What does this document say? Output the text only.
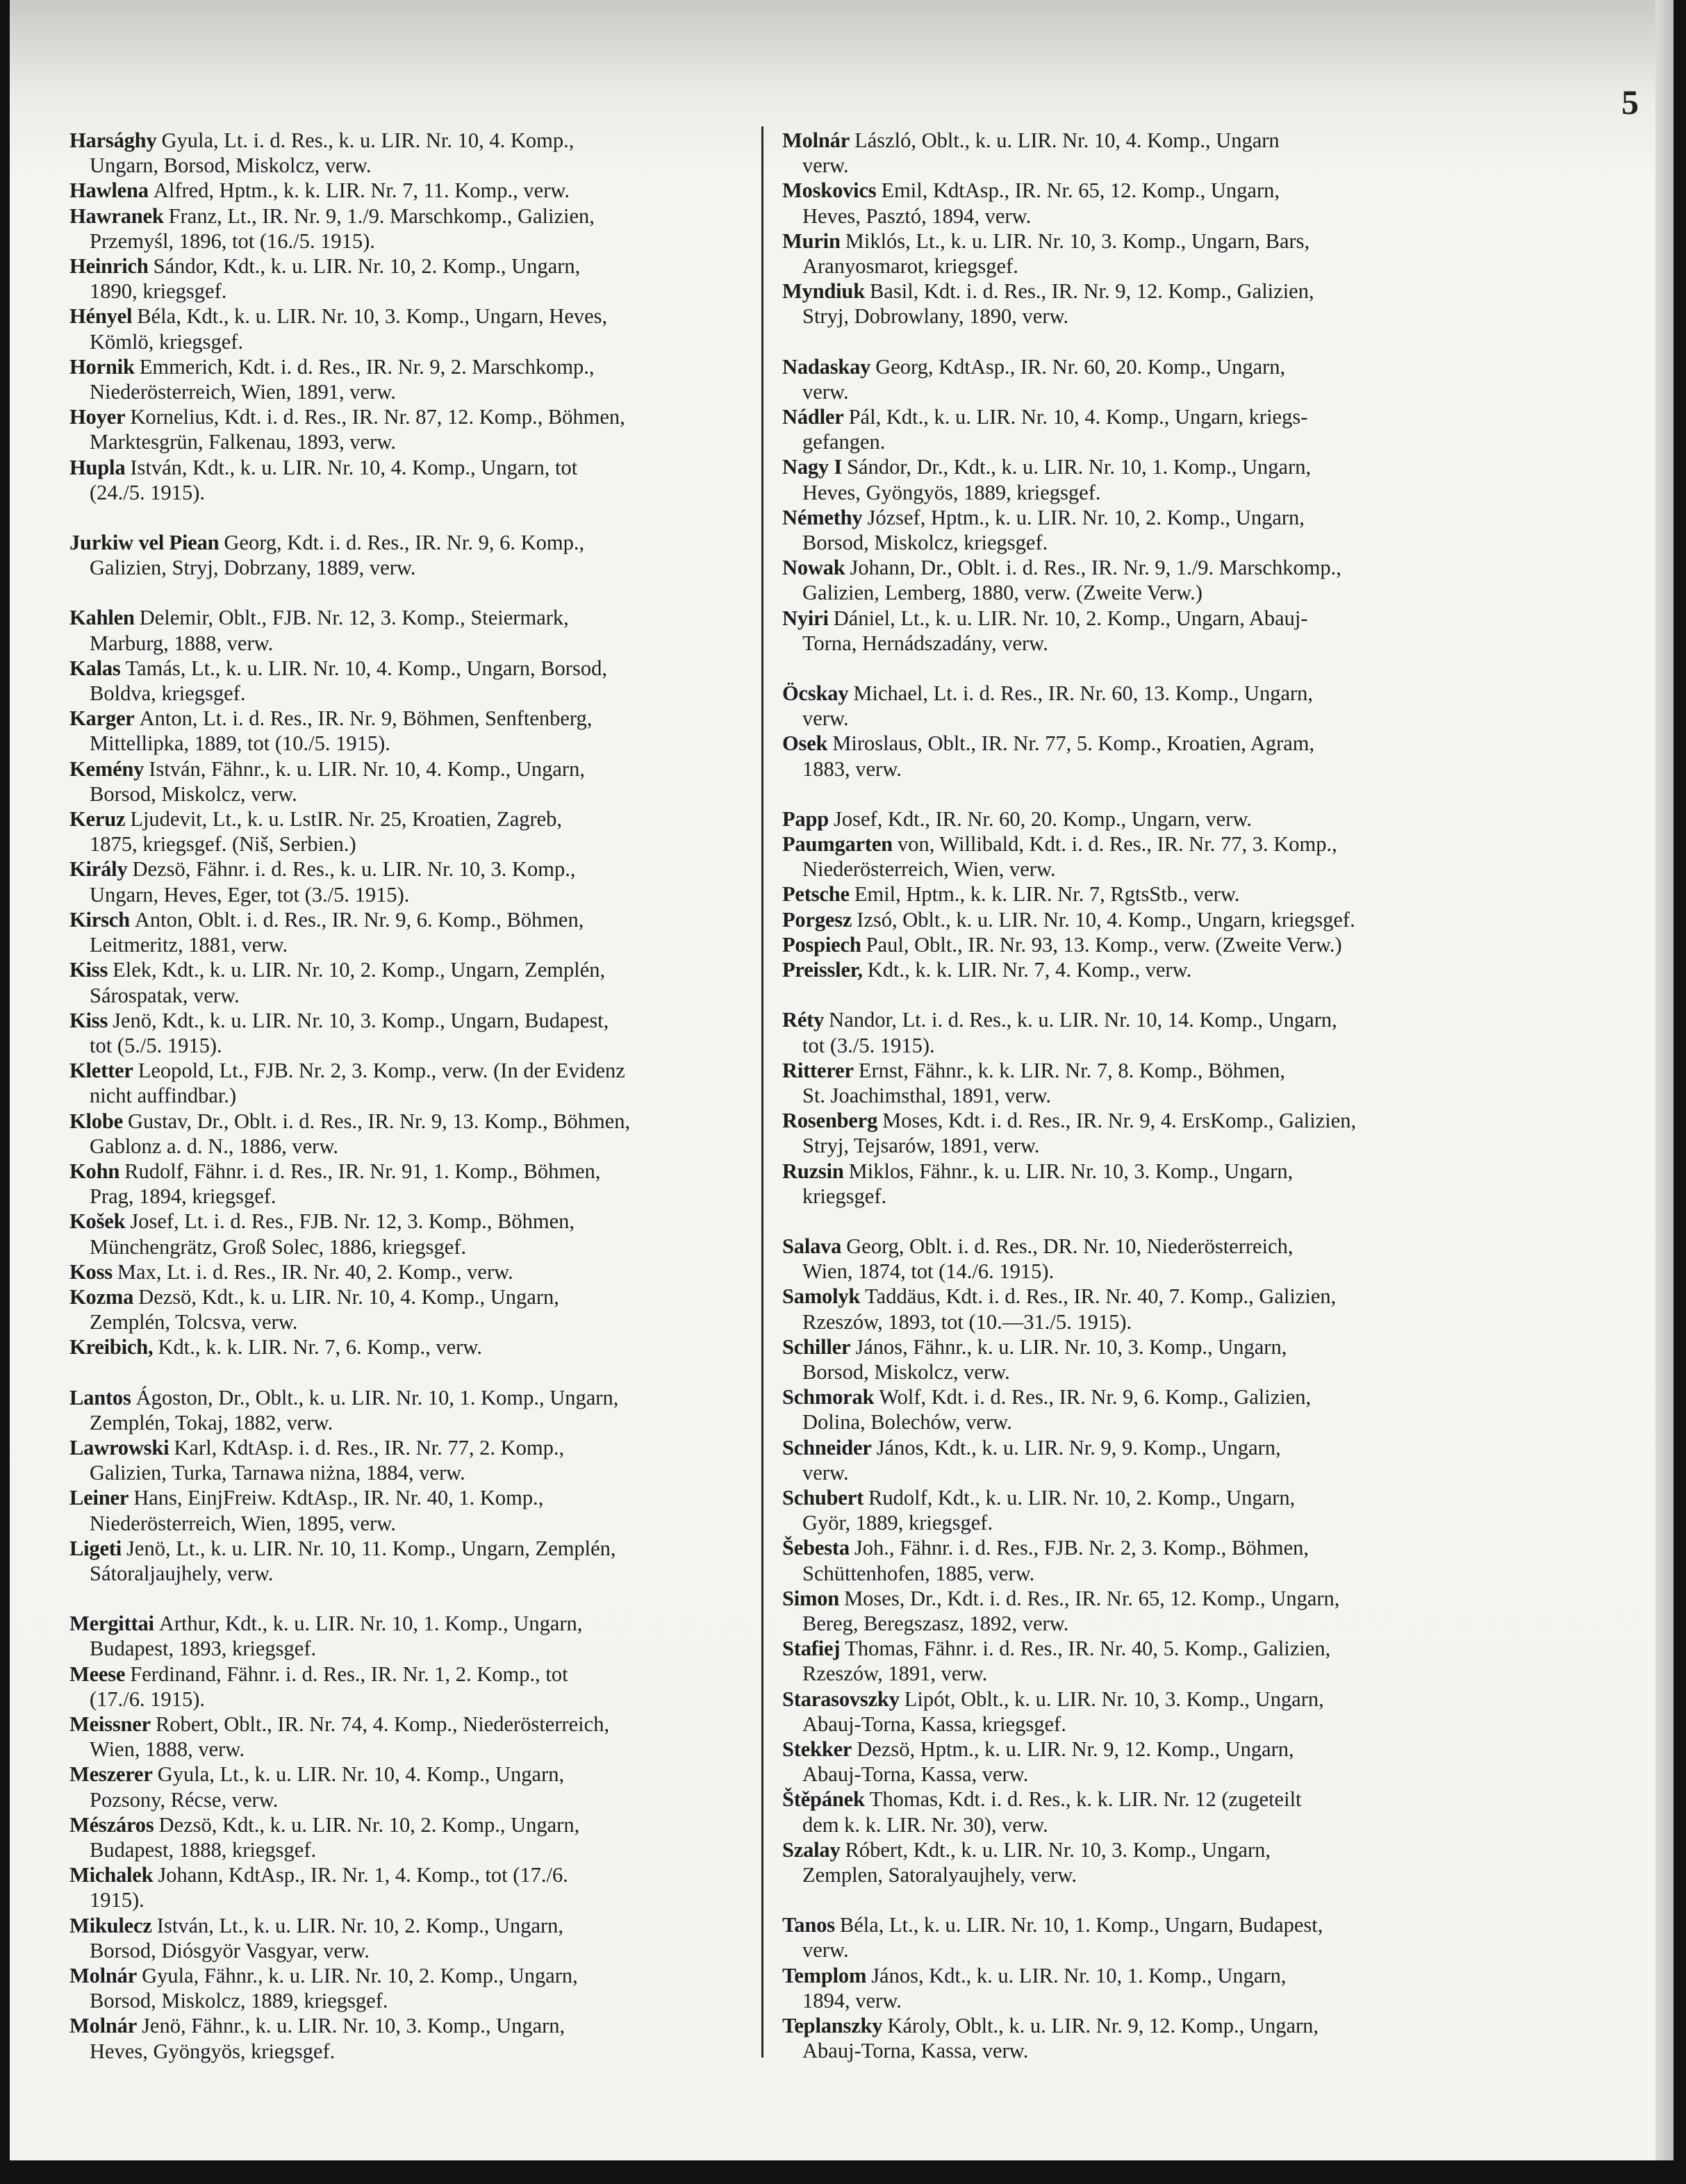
5

Harsághy Gyula, Lt. i. d. Res., k. u. LIR. Nr. 10, 4. Komp.,
Ungarn, Borsod, Miskolcz, verw.

Hawlena Alfred, Hptm., k. k. LIR. Nr. 7, 11. Komp., verw.

Hawranek Franz, Lt., IR. Nr. 9, 1./9. Marschkomp., Galizien,
Przemyśl, 1896, tot (16./5. 1915).

Heinrich Sándor, Kdt., k. u. LIR. Nr. 10, 2. Komp., Ungarn,
1890, kriegsgef.

Hényel Béla, Kdt., k. u. LIR. Nr. 10, 3. Komp., Ungarn, Heves,
Kömlö, kriegsgef.

Hornik Emmerich, Kdt. i. d. Res., IR. Nr. 9, 2. Marschkomp.,
Niederösterreich, Wien, 1891, verw.

Hoyer Kornelius, Kdt. i. d. Res., IR. Nr. 87, 12. Komp., Böhmen,
Marktesgrün, Falkenau, 1893, verw.

Hupla István, Kdt., k. u. LIR. Nr. 10, 4. Komp., Ungarn, tot
(24./5. 1915).

Jurkiw vel Piean Georg, Kdt. i. d. Res., IR. Nr. 9, 6. Komp.,
Galizien, Stryj, Dobrzany, 1889, verw.

Kahlen Delemir, Oblt., FJB. Nr. 12, 3. Komp., Steiermark,
Marburg, 1888, verw.

Kalas Tamás, Lt., k. u. LIR. Nr. 10, 4. Komp., Ungarn, Borsod,
Boldva, kriegsgef.

Karger Anton, Lt. i. d. Res., IR. Nr. 9, Böhmen, Senftenberg,
Mittellipka, 1889, tot (10./5. 1915).

Kemény István, Fähnr., k. u. LIR. Nr. 10, 4. Komp., Ungarn,
Borsod, Miskolcz, verw.

Keruz Ljudevit, Lt., k. u. LstIR. Nr. 25, Kroatien, Zagreb,
1875, kriegsgef. (Niš, Serbien.)

Király Dezsö, Fähnr. i. d. Res., k. u. LIR. Nr. 10, 3. Komp.,
Ungarn, Heves, Eger, tot (3./5. 1915).

Kirsch Anton, Oblt. i. d. Res., IR. Nr. 9, 6. Komp., Böhmen,
Leitmeritz, 1881, verw.

Kiss Elek, Kdt., k. u. LIR. Nr. 10, 2. Komp., Ungarn, Zemplén,
Sárospatak, verw.

Kiss Jenö, Kdt., k. u. LIR. Nr. 10, 3. Komp., Ungarn, Budapest,
tot (5./5. 1915).

Kletter Leopold, Lt., FJB. Nr. 2, 3. Komp., verw. (In der Evidenz
nicht auffindbar.)

Klobe Gustav, Dr., Oblt. i. d. Res., IR. Nr. 9, 13. Komp., Böhmen,
Gablonz a. d. N., 1886, verw.

Kohn Rudolf, Fähnr. i. d. Res., IR. Nr. 91, 1. Komp., Böhmen,
Prag, 1894, kriegsgef.

Košek Josef, Lt. i. d. Res., FJB. Nr. 12, 3. Komp., Böhmen,
Münchengrätz, Groß Solec, 1886, kriegsgef.

Koss Max, Lt. i. d. Res., IR. Nr. 40, 2. Komp., verw.

Kozma Dezsö, Kdt., k. u. LIR. Nr. 10, 4. Komp., Ungarn,
Zemplén, Tolcsva, verw.

Kreibich, Kdt., k. k. LIR. Nr. 7, 6. Komp., verw.

Lantos Ágoston, Dr., Oblt., k. u. LIR. Nr. 10, 1. Komp., Ungarn,
Zemplén, Tokaj, 1882, verw.

Lawrowski Karl, KdtAsp. i. d. Res., IR. Nr. 77, 2. Komp.,
Galizien, Turka, Tarnawa niżna, 1884, verw.

Leiner Hans, EinjFreiw. KdtAsp., IR. Nr. 40, 1. Komp.,
Niederösterreich, Wien, 1895, verw.

Ligeti Jenö, Lt., k. u. LIR. Nr. 10, 11. Komp., Ungarn, Zemplén,
Sátoraljaujhely, verw.

Mergittai Arthur, Kdt., k. u. LIR. Nr. 10, 1. Komp., Ungarn,
Budapest, 1893, kriegsgef.

Meese Ferdinand, Fähnr. i. d. Res., IR. Nr. 1, 2. Komp., tot
(17./6. 1915).

Meissner Robert, Oblt., IR. Nr. 74, 4. Komp., Niederösterreich,
Wien, 1888, verw.

Meszerer Gyula, Lt., k. u. LIR. Nr. 10, 4. Komp., Ungarn,
Pozsony, Récse, verw.

Mészáros Dezsö, Kdt., k. u. LIR. Nr. 10, 2. Komp., Ungarn,
Budapest, 1888, kriegsgef.

Michalek Johann, KdtAsp., IR. Nr. 1, 4. Komp., tot (17./6.
1915).

Mikulecz István, Lt., k. u. LIR. Nr. 10, 2. Komp., Ungarn,
Borsod, Diósgyör Vasgyar, verw.

Molnár Gyula, Fähnr., k. u. LIR. Nr. 10, 2. Komp., Ungarn,
Borsod, Miskolcz, 1889, kriegsgef.

Molnár Jenö, Fähnr., k. u. LIR. Nr. 10, 3. Komp., Ungarn,
Heves, Gyöngyös, kriegsgef.

Molnár László, Oblt., k. u. LIR. Nr. 10, 4. Komp., Ungarn
verw.

Moskovics Emil, KdtAsp., IR. Nr. 65, 12. Komp., Ungarn,
Heves, Pasztó, 1894, verw.

Murin Miklós, Lt., k. u. LIR. Nr. 10, 3. Komp., Ungarn, Bars,
Aranyosmarot, kriegsgef.

Myndiuk Basil, Kdt. i. d. Res., IR. Nr. 9, 12. Komp., Galizien,
Stryj, Dobrowlany, 1890, verw.

Nadaskay Georg, KdtAsp., IR. Nr. 60, 20. Komp., Ungarn,
verw.

Nádler Pál, Kdt., k. u. LIR. Nr. 10, 4. Komp., Ungarn, kriegs-
gefangen.

Nagy I Sándor, Dr., Kdt., k. u. LIR. Nr. 10, 1. Komp., Ungarn,
Heves, Gyöngyös, 1889, kriegsgef.

Némethy József, Hptm., k. u. LIR. Nr. 10, 2. Komp., Ungarn,
Borsod, Miskolcz, kriegsgef.

Nowak Johann, Dr., Oblt. i. d. Res., IR. Nr. 9, 1./9. Marschkomp.,
Galizien, Lemberg, 1880, verw. (Zweite Verw.)

Nyiri Dániel, Lt., k. u. LIR. Nr. 10, 2. Komp., Ungarn, Abauj-
Torna, Hernádszadány, verw.

Öcskay Michael, Lt. i. d. Res., IR. Nr. 60, 13. Komp., Ungarn,
verw.

Osek Miroslaus, Oblt., IR. Nr. 77, 5. Komp., Kroatien, Agram,
1883, verw.

Papp Josef, Kdt., IR. Nr. 60, 20. Komp., Ungarn, verw.

Paumgarten von, Willibald, Kdt. i. d. Res., IR. Nr. 77, 3. Komp.,
Niederösterreich, Wien, verw.

Petsche Emil, Hptm., k. k. LIR. Nr. 7, RgtsStb., verw.

Porgesz Izsó, Oblt., k. u. LIR. Nr. 10, 4. Komp., Ungarn, kriegsgef.

Pospiech Paul, Oblt., IR. Nr. 93, 13. Komp., verw. (Zweite Verw.)

Preissler, Kdt., k. k. LIR. Nr. 7, 4. Komp., verw.

Réty Nandor, Lt. i. d. Res., k. u. LIR. Nr. 10, 14. Komp., Ungarn,
tot (3./5. 1915).

Ritterer Ernst, Fähnr., k. k. LIR. Nr. 7, 8. Komp., Böhmen,
St. Joachimsthal, 1891, verw.

Rosenberg Moses, Kdt. i. d. Res., IR. Nr. 9, 4. ErsKomp., Galizien,
Stryj, Tejsarów, 1891, verw.

Ruzsin Miklos, Fähnr., k. u. LIR. Nr. 10, 3. Komp., Ungarn,
kriegsgef.

Salava Georg, Oblt. i. d. Res., DR. Nr. 10, Niederösterreich,
Wien, 1874, tot (14./6. 1915).

Samolyk Taddäus, Kdt. i. d. Res., IR. Nr. 40, 7. Komp., Galizien,
Rzeszów, 1893, tot (10.—31./5. 1915).

Schiller János, Fähnr., k. u. LIR. Nr. 10, 3. Komp., Ungarn,
Borsod, Miskolcz, verw.

Schmorak Wolf, Kdt. i. d. Res., IR. Nr. 9, 6. Komp., Galizien,
Dolina, Bolechów, verw.

Schneider János, Kdt., k. u. LIR. Nr. 9, 9. Komp., Ungarn,
verw.

Schubert Rudolf, Kdt., k. u. LIR. Nr. 10, 2. Komp., Ungarn,
Györ, 1889, kriegsgef.

Šebesta Joh., Fähnr. i. d. Res., FJB. Nr. 2, 3. Komp., Böhmen,
Schüttenhofen, 1885, verw.

Simon Moses, Dr., Kdt. i. d. Res., IR. Nr. 65, 12. Komp., Ungarn,
Bereg, Beregszasz, 1892, verw.

Stafiej Thomas, Fähnr. i. d. Res., IR. Nr. 40, 5. Komp., Galizien,
Rzeszów, 1891, verw.

Starasovszky Lipót, Oblt., k. u. LIR. Nr. 10, 3. Komp., Ungarn,
Abauj-Torna, Kassa, kriegsgef.

Stekker Dezsö, Hptm., k. u. LIR. Nr. 9, 12. Komp., Ungarn,
Abauj-Torna, Kassa, verw.

Štěpánek Thomas, Kdt. i. d. Res., k. k. LIR. Nr. 12 (zugeteilt
dem k. k. LIR. Nr. 30), verw.

Szalay Róbert, Kdt., k. u. LIR. Nr. 10, 3. Komp., Ungarn,
Zemplen, Satoralyaujhely, verw.

Tanos Béla, Lt., k. u. LIR. Nr. 10, 1. Komp., Ungarn, Budapest,
verw.

Templom János, Kdt., k. u. LIR. Nr. 10, 1. Komp., Ungarn,
1894, verw.

Teplanszky Károly, Oblt., k. u. LIR. Nr. 9, 12. Komp., Ungarn,
Abauj-Torna, Kassa, verw.
